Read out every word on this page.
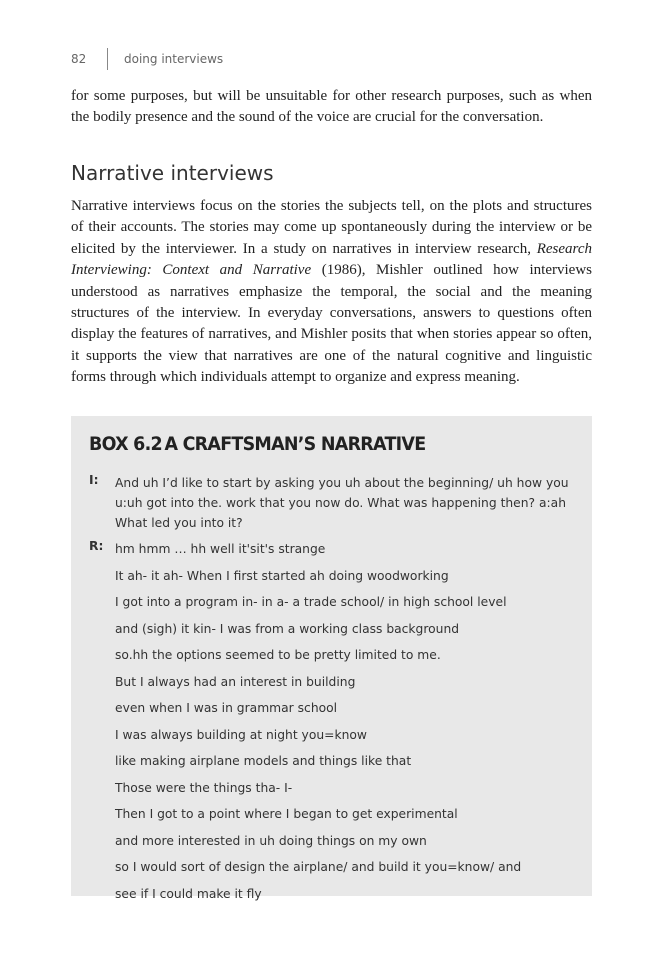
82	doing interviews

for some purposes, but will be unsuitable for other research purposes, such as when the bodily presence and the sound of the voice are crucial for the conversation.

Narrative interviews

Narrative interviews focus on the stories the subjects tell, on the plots and structures of their accounts. The stories may come up spontaneously during the interview or be elicited by the interviewer. In a study on narratives in interview research, Research Interviewing: Context and Narrative (1986), Mishler outlined how interviews understood as narratives emphasize the temporal, the social and the meaning structures of the interview. In everyday conversations, answers to questions often display the features of narratives, and Mishler posits that when stories appear so often, it supports the view that narratives are one of the natural cognitive and linguistic forms through which individuals attempt to organize and express meaning.

BOX 6.2 A CRAFTSMAN’S NARRATIVE
I:	And uh I’d like to start by asking you uh about the beginning/ uh how you u:uh got into the. work that you now do. What was happening then? a:ah What led you into it?
R: hm hmm … hh well it'sit's strange
It ah- it ah- When I first started ah doing woodworking
I got into a program in- in a- a trade school/ in high school level
and (sigh) it kin- I was from a working class background
so.hh the options seemed to be pretty limited to me.
But I always had an interest in building
even when I was in grammar school
I was always building at night you=know
like making airplane models and things like that
Those were the things tha- I-
Then I got to a point where I began to get experimental
and more interested in uh doing things on my own
so I would sort of design the airplane/ and build it you=know/ and
see if I could make it fly
